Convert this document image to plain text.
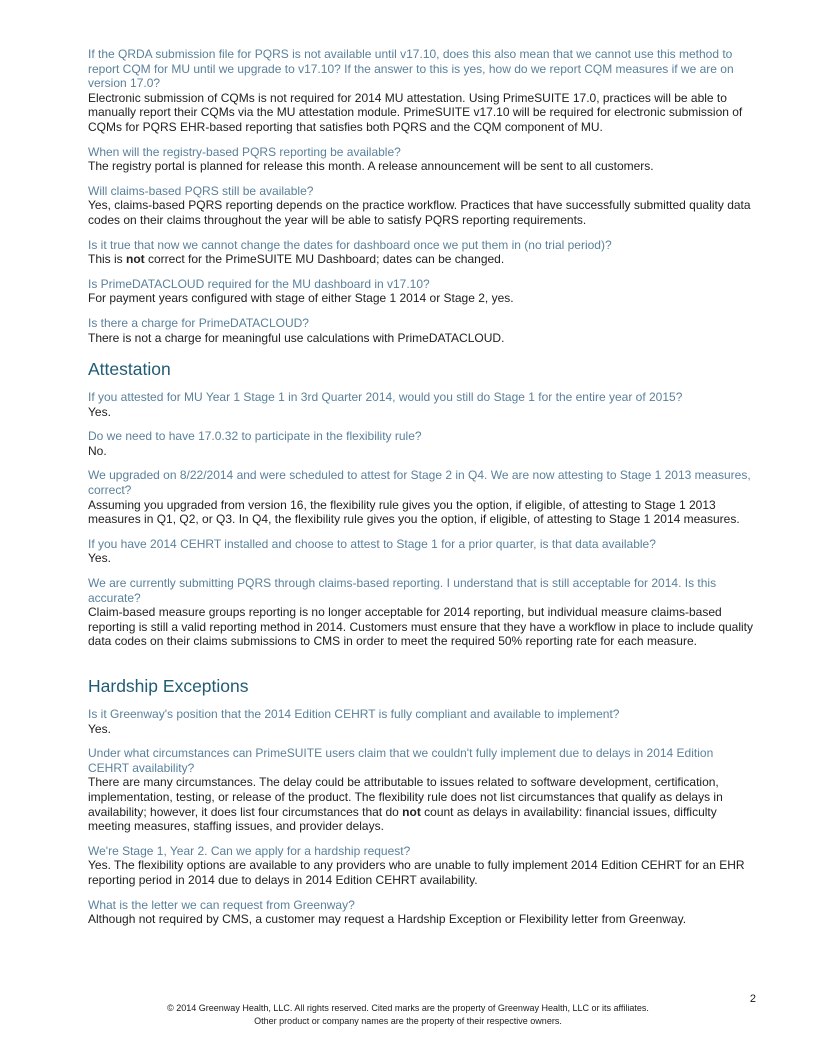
If the QRDA submission file for PQRS is not available until v17.10, does this also mean that we cannot use this method to report CQM for MU until we upgrade to v17.10? If the answer to this is yes, how do we report CQM measures if we are on version 17.0?

Electronic submission of CQMs is not required for 2014 MU attestation. Using PrimeSUITE 17.0, practices will be able to manually report their CQMs via the MU attestation module. PrimeSUITE v17.10 will be required for electronic submission of CQMs for PQRS EHR-based reporting that satisfies both PQRS and the CQM component of MU.

When will the registry-based PQRS reporting be available?

The registry portal is planned for release this month. A release announcement will be sent to all customers.

Will claims-based PQRS still be available?

Yes, claims-based PQRS reporting depends on the practice workflow. Practices that have successfully submitted quality data codes on their claims throughout the year will be able to satisfy PQRS reporting requirements.

Is it true that now we cannot change the dates for dashboard once we put them in (no trial period)?

This is not correct for the PrimeSUITE MU Dashboard; dates can be changed.

Is PrimeDATACLOUD required for the MU dashboard in v17.10?

For payment years configured with stage of either Stage 1 2014 or Stage 2, yes.

Is there a charge for PrimeDATACLOUD?

There is not a charge for meaningful use calculations with PrimeDATACLOUD.

Attestation

If you attested for MU Year 1 Stage 1 in 3rd Quarter 2014, would you still do Stage 1 for the entire year of 2015?

Yes.

Do we need to have 17.0.32 to participate in the flexibility rule?

No.

We upgraded on 8/22/2014 and were scheduled to attest for Stage 2 in Q4. We are now attesting to Stage 1 2013 measures, correct?

Assuming you upgraded from version 16, the flexibility rule gives you the option, if eligible, of attesting to Stage 1 2013 measures in Q1, Q2, or Q3. In Q4, the flexibility rule gives you the option, if eligible, of attesting to Stage 1 2014 measures.

If you have 2014 CEHRT installed and choose to attest to Stage 1 for a prior quarter, is that data available?

Yes.

We are currently submitting PQRS through claims-based reporting. I understand that is still acceptable for 2014. Is this accurate?

Claim-based measure groups reporting is no longer acceptable for 2014 reporting, but individual measure claims-based reporting is still a valid reporting method in 2014. Customers must ensure that they have a workflow in place to include quality data codes on their claims submissions to CMS in order to meet the required 50% reporting rate for each measure.

Hardship Exceptions

Is it Greenway's position that the 2014 Edition CEHRT is fully compliant and available to implement?

Yes.

Under what circumstances can PrimeSUITE users claim that we couldn't fully implement due to delays in 2014 Edition CEHRT availability?

There are many circumstances. The delay could be attributable to issues related to software development, certification, implementation, testing, or release of the product. The flexibility rule does not list circumstances that qualify as delays in availability; however, it does list four circumstances that do not count as delays in availability: financial issues, difficulty meeting measures, staffing issues, and provider delays.

We're Stage 1, Year 2. Can we apply for a hardship request?

Yes. The flexibility options are available to any providers who are unable to fully implement 2014 Edition CEHRT for an EHR reporting period in 2014 due to delays in 2014 Edition CEHRT availability.

What is the letter we can request from Greenway?

Although not required by CMS, a customer may request a Hardship Exception or Flexibility letter from Greenway.

2

© 2014 Greenway Health, LLC. All rights reserved. Cited marks are the property of Greenway Health, LLC or its affiliates.

Other product or company names are the property of their respective owners.
